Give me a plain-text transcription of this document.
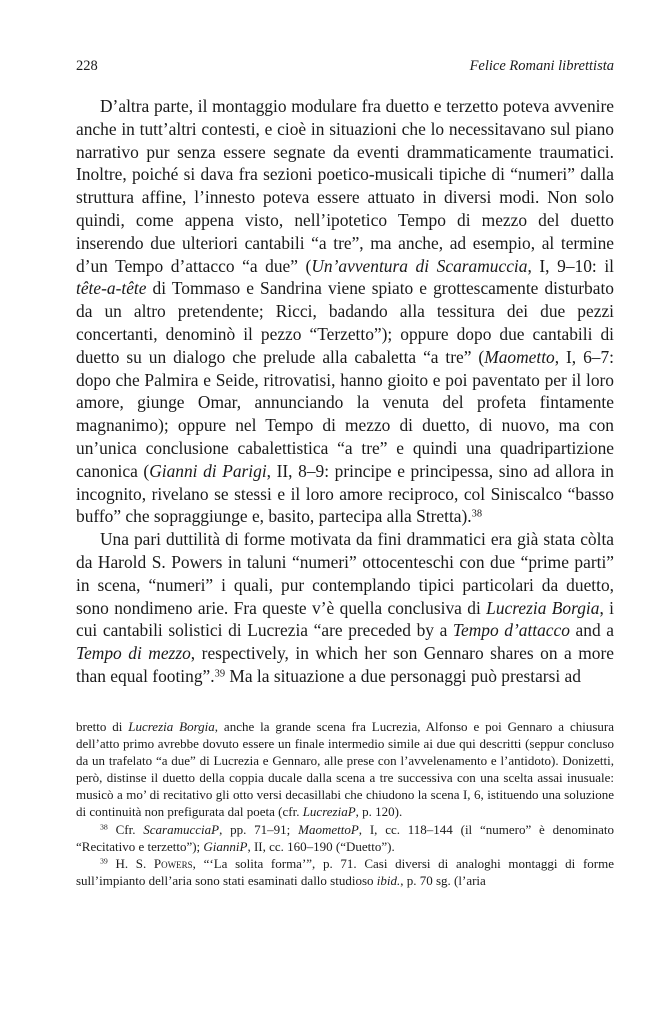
228	Felice Romani librettista

D’altra parte, il montaggio modulare fra duetto e terzetto poteva avvenire anche in tutt’altri contesti, e cioè in situazioni che lo necessitavano sul piano narrativo pur senza essere segnate da eventi drammaticamente traumatici. Inoltre, poiché si dava fra sezioni poetico-musicali tipiche di “numeri” dalla struttura affine, l’innesto poteva essere attuato in diversi modi. Non solo quindi, come appena visto, nell’ipotetico Tempo di mezzo del duetto inserendo due ulteriori cantabili “a tre”, ma anche, ad esempio, al termine d’un Tempo d’attacco “a due” (Un’avventura di Scaramuccia, I, 9–10: il tête-a-tête di Tommaso e Sandrina viene spiato e grottescamente disturbato da un altro pretendente; Ricci, badando alla tessitura dei due pezzi concertanti, denominò il pezzo “Terzetto”); oppure dopo due cantabili di duetto su un dialogo che prelude alla cabaletta “a tre” (Maometto, I, 6–7: dopo che Palmira e Seide, ritrovatisi, hanno gioito e poi paventato per il loro amore, giunge Omar, annunciando la venuta del profeta fintamente magnanimo); oppure nel Tempo di mezzo di duetto, di nuovo, ma con un’unica conclusione cabalettistica “a tre” e quindi una quadripartizione canonica (Gianni di Parigi, II, 8–9: principe e principessa, sino ad allora in incognito, rivelano se stessi e il loro amore reciproco, col Siniscalco “basso buffo” che sopraggiunge e, basito, partecipa alla Stretta).$^{38}$

Una pari duttilità di forme motivata da fini drammatici era già stata còlta da Harold S. Powers in taluni “numeri” ottocenteschi con due “prime parti” in scena, “numeri” i quali, pur contemplando tipici particolari da duetto, sono nondimeno arie. Fra queste v’è quella conclusiva di Lucrezia Borgia, i cui cantabili solistici di Lucrezia “are preceded by a Tempo d’attacco and a Tempo di mezzo, respectively, in which her son Gennaro shares on a more than equal footing”.$^{39}$ Ma la situazione a due personaggi può prestarsi ad

bretto di Lucrezia Borgia, anche la grande scena fra Lucrezia, Alfonso e poi Gennaro a chiusura dell’atto primo avrebbe dovuto essere un finale intermedio simile ai due qui descritti (seppur concluso da un trafelato “a due” di Lucrezia e Gennaro, alle prese con l’avvelenamento e l’antidoto). Donizetti, però, distinse il duetto della coppia ducale dalla scena a tre successiva con una scelta assai inusuale: musicò a mo’ di recitativo gli otto versi decasillabi che chiudono la scena I, 6, istituendo una soluzione di continuità non prefigurata dal poeta (cfr. LucreziaP, p. 120).

$^{38}$ Cfr. ScaramucciaP, pp. 71–91; MaomettoP, I, cc. 118–144 (il “numero” è denominato “Recitativo e terzetto”); GianniP, II, cc. 160–190 (“Duetto”).

$^{39}$ H. S. Powers, “‘La solita forma’”, p. 71. Casi diversi di analoghi montaggi di forme sull’impianto dell’aria sono stati esaminati dallo studioso ibid., p. 70 sg. (l’aria
